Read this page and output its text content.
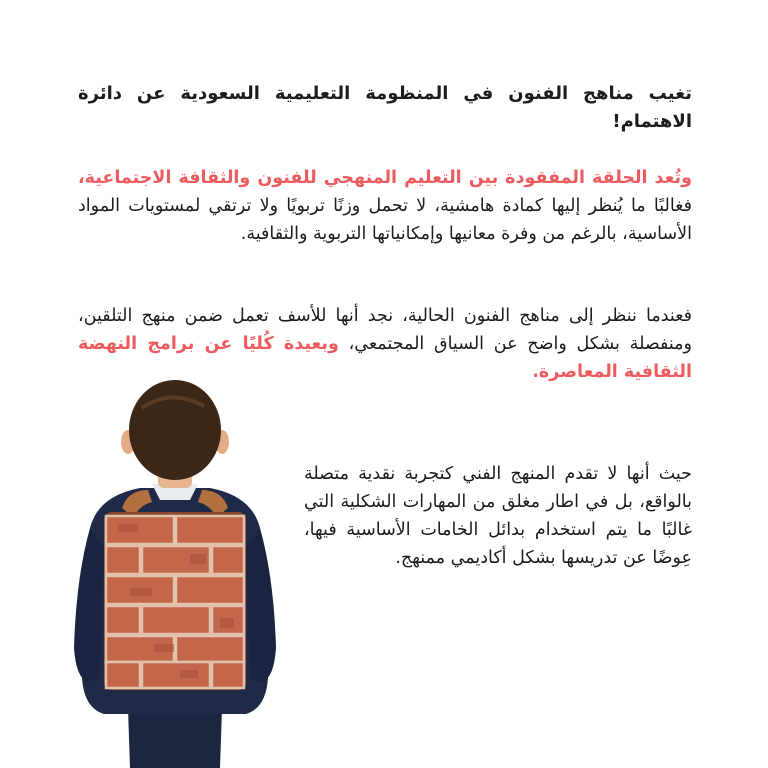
تغيب مناهج الفنون في المنظومة التعليمية السعودية عن دائرة الاهتمام!
وتُعد الحلقة المفقودة بين التعليم المنهجي للفنون والثقافة الاجتماعية، فغالبًا ما يُنظر إليها كمادة هامشية، لا تحمل وزنًا تربويًا ولا ترتقي لمستويات المواد الأساسية، بالرغم من وفرة معانيها وإمكانياتها التربوية والثقافية.
فعندما ننظر إلى مناهج الفنون الحالية، نجد أنها للأسف تعمل ضمن منهج التلقين، ومنفصلة بشكل واضح عن السياق المجتمعي، وبعيدة كُليًا عن برامج النهضة الثقافية المعاصرة.
حيث أنها لا تقدم المنهج الفني كتجربة نقدية متصلة بالواقع، بل في اطار مغلق من المهارات الشكلية التي غالبًا ما يتم استخدام بدائل الخامات الأساسية فيها، عِوضًا عن تدريسها بشكل أكاديمي ممنهج.
